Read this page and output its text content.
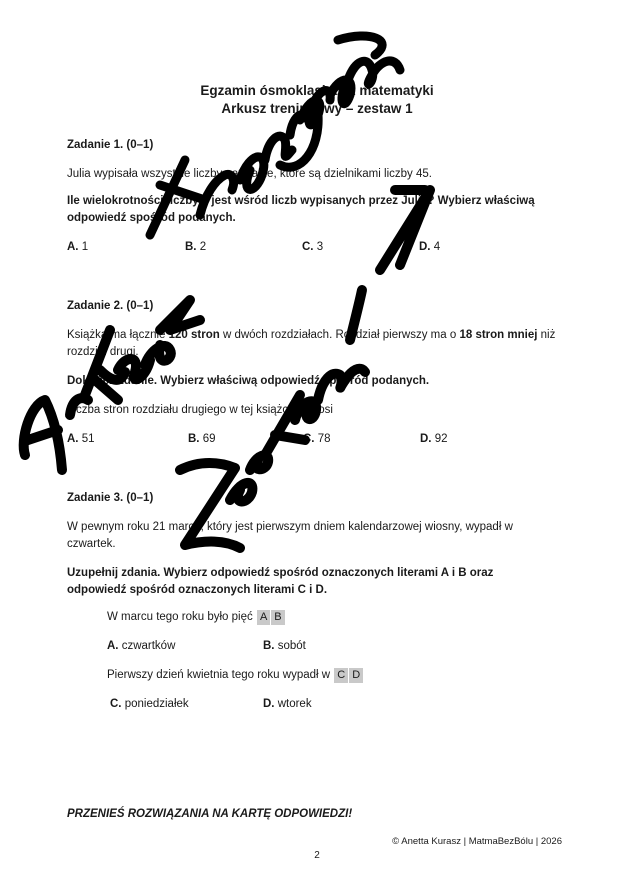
Egzamin ósmoklasisty z matematyki
Arkusz treningowy – zestaw 1
Zadanie 1. (0–1)
Julia wypisała wszystkie liczby naturalne, które są dzielnikami liczby 45.
Ile wielokrotności liczby 5 jest wśród liczb wypisanych przez Julię? Wybierz właściwą odpowiedź spośród podanych.
A. 1	B. 2	C. 3	D. 4
Zadanie 2. (0–1)
Książka ma łącznie 120 stron w dwóch rozdziałach. Rozdział pierwszy ma o 18 stron mniej niż rozdział drugi.
Dokończ zdanie. Wybierz właściwą odpowiedź spośród podanych.
Liczba stron rozdziału drugiego w tej książce wynosi
A. 51	B. 69	C. 78	D. 92
Zadanie 3. (0–1)
W pewnym roku 21 marca, który jest pierwszym dniem kalendarzowej wiosny, wypadł w czwartek.
Uzupełnij zdania. Wybierz odpowiedź spośród oznaczonych literami A i B oraz odpowiedź spośród oznaczonych literami C i D.
W marcu tego roku było pięć A B
A. czwartków	B. sobót
Pierwszy dzień kwietnia tego roku wypadł w C D
C. poniedziałek	D. wtorek
PRZENIEŚ ROZWIĄZANIA NA KARTĘ ODPOWIEDZI!
© Anetta Kurasz | MatmaBezBólu | 2026
2
